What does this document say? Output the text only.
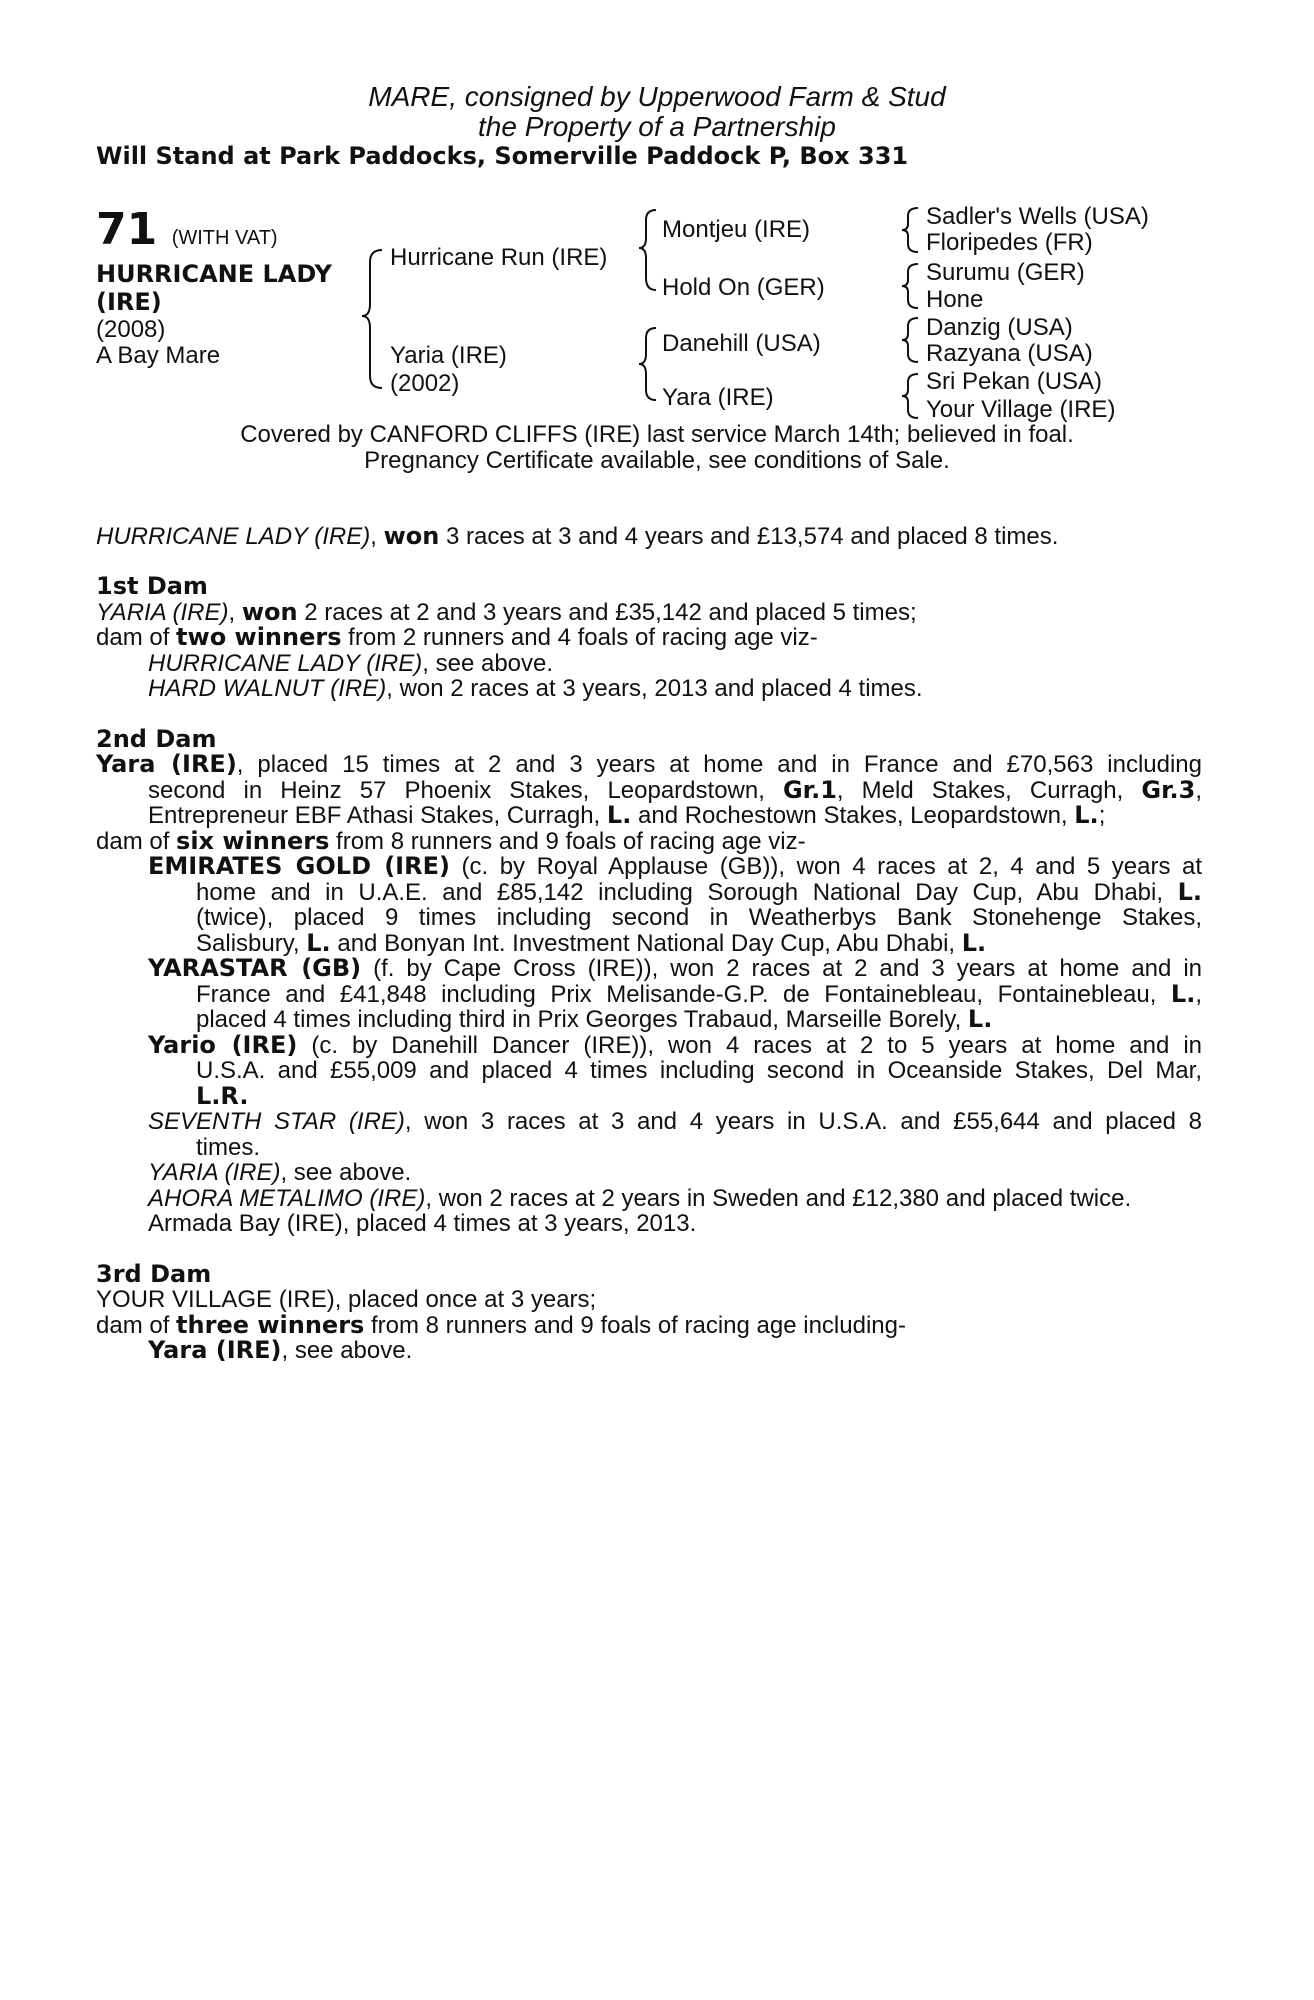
MARE, consigned by Upperwood Farm & Stud
the Property of a Partnership
Will Stand at Park Paddocks, Somerville Paddock P, Box 331
71 (WITH VAT)
HURRICANE LADY
(IRE)
(2008)
A Bay Mare
Hurricane Run (IRE)
Yaria (IRE)
(2002)
Montjeu (IRE)
Hold On (GER)
Danehill (USA)
Yara (IRE)
Sadler's Wells (USA)
Floripedes (FR)
Surumu (GER)
Hone
Danzig (USA)
Razyana (USA)
Sri Pekan (USA)
Your Village (IRE)
Covered by CANFORD CLIFFS (IRE) last service March 14th; believed in foal.
Pregnancy Certificate available, see conditions of Sale.
HURRICANE LADY (IRE), won 3 races at 3 and 4 years and £13,574 and placed 8 times.
1st Dam
YARIA (IRE), won 2 races at 2 and 3 years and £35,142 and placed 5 times;
dam of two winners from 2 runners and 4 foals of racing age viz-
HURRICANE LADY (IRE), see above.
HARD WALNUT (IRE), won 2 races at 3 years, 2013 and placed 4 times.
2nd Dam
Yara (IRE), placed 15 times at 2 and 3 years at home and in France and £70,563 including
second in Heinz 57 Phoenix Stakes, Leopardstown, Gr.1, Meld Stakes, Curragh, Gr.3,
Entrepreneur EBF Athasi Stakes, Curragh, L. and Rochestown Stakes, Leopardstown, L.;
dam of six winners from 8 runners and 9 foals of racing age viz-
EMIRATES GOLD (IRE) (c. by Royal Applause (GB)), won 4 races at 2, 4 and 5 years at
home and in U.A.E. and £85,142 including Sorough National Day Cup, Abu Dhabi, L.
(twice), placed 9 times including second in Weatherbys Bank Stonehenge Stakes,
Salisbury, L. and Bonyan Int. Investment National Day Cup, Abu Dhabi, L.
YARASTAR (GB) (f. by Cape Cross (IRE)), won 2 races at 2 and 3 years at home and in
France and £41,848 including Prix Melisande-G.P. de Fontainebleau, Fontainebleau, L.,
placed 4 times including third in Prix Georges Trabaud, Marseille Borely, L.
Yario (IRE) (c. by Danehill Dancer (IRE)), won 4 races at 2 to 5 years at home and in
U.S.A. and £55,009 and placed 4 times including second in Oceanside Stakes, Del Mar,
L.R.
SEVENTH STAR (IRE), won 3 races at 3 and 4 years in U.S.A. and £55,644 and placed 8
times.
YARIA (IRE), see above.
AHORA METALIMO (IRE), won 2 races at 2 years in Sweden and £12,380 and placed twice.
Armada Bay (IRE), placed 4 times at 3 years, 2013.
3rd Dam
YOUR VILLAGE (IRE), placed once at 3 years;
dam of three winners from 8 runners and 9 foals of racing age including-
Yara (IRE), see above.
